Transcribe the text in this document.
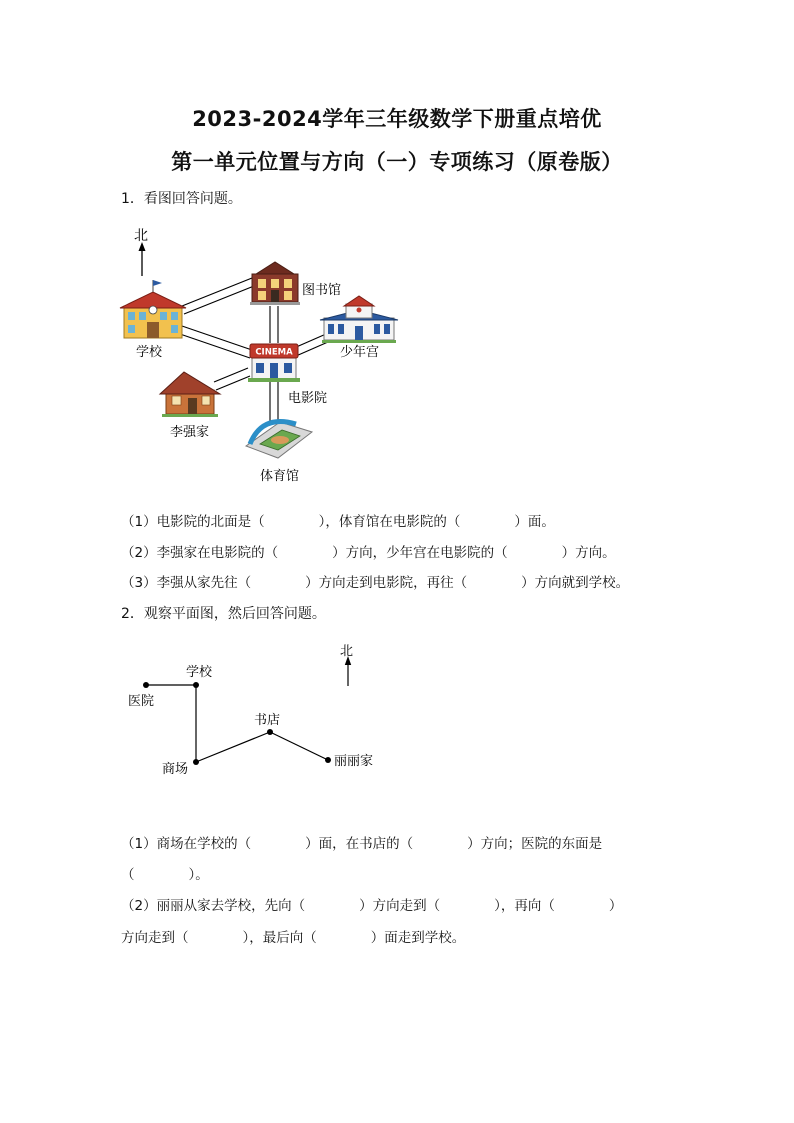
2023-2024学年三年级数学下册重点培优
第一单元位置与方向（一）专项练习（原卷版）
1．看图回答问题。
北
图书馆
学校	少年宫
CINEMA
电影院
李强家
体育馆
（1）电影院的北面是（　　　　），体育馆在电影院的（　　　　）面。
（2）李强家在电影院的（　　　　）方向，少年宫在电影院的（　　　　）方向。
（3）李强从家先往（　　　　）方向走到电影院，再往（　　　　）方向就到学校。
2．观察平面图，然后回答问题。
北
学校
医院
书店
商场
丽丽家
（1）商场在学校的（　　　　）面，在书店的（　　　　）方向；医院的东面是
（　　　　）。
（2）丽丽从家去学校，先向（　　　　）方向走到（　　　　），再向（　　　　）
方向走到（　　　　），最后向（　　　　）面走到学校。
